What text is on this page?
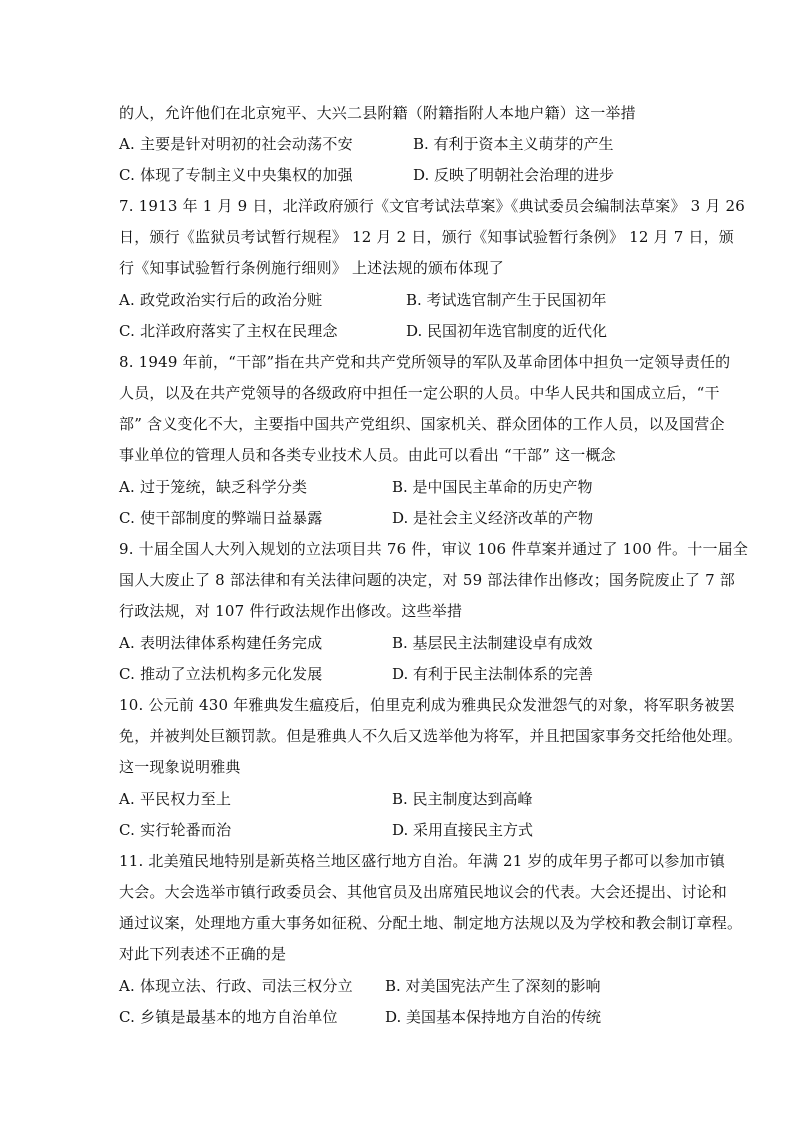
的人，允许他们在北京宛平、大兴二县附籍（附籍指附人本地户籍）这一举措
A. 主要是针对明初的社会动荡不安	B. 有利于资本主义萌芽的产生
C. 体现了专制主义中央集权的加强	D. 反映了明朝社会治理的进步
7. 1913 年 1 月 9 日，北洋政府颁行《文官考试法草案》《典试委员会编制法草案》 3 月 26
日，颁行《监狱员考试暂行规程》 12 月 2 日，颁行《知事试验暂行条例》 12 月 7 日，颁
行《知事试验暂行条例施行细则》 上述法规的颁布体现了
A. 政党政治实行后的政治分赃	B. 考试选官制产生于民国初年
C. 北洋政府落实了主权在民理念	D. 民国初年选官制度的近代化
8. 1949 年前，“干部”指在共产党和共产党所领导的军队及革命团体中担负一定领导责任的
人员，以及在共产党领导的各级政府中担任一定公职的人员。中华人民共和国成立后，“干
部” 含义变化不大，主要指中国共产党组织、国家机关、群众团体的工作人员，以及国营企
事业单位的管理人员和各类专业技术人员。由此可以看出 “干部” 这一概念
A. 过于笼统，缺乏科学分类	B. 是中国民主革命的历史产物
C. 使干部制度的弊端日益暴露	D. 是社会主义经济改革的产物
9. 十届全国人大列入规划的立法项目共 76 件，审议 106 件草案并通过了 100 件。十一届全
国人大废止了 8 部法律和有关法律问题的决定，对 59 部法律作出修改；国务院废止了 7 部
行政法规，对 107 件行政法规作出修改。这些举措
A. 表明法律体系构建任务完成	B. 基层民主法制建设卓有成效
C. 推动了立法机构多元化发展	D. 有利于民主法制体系的完善
10. 公元前 430 年雅典发生瘟疫后，伯里克利成为雅典民众发泄怨气的对象，将军职务被罢
免，并被判处巨额罚款。但是雅典人不久后又选举他为将军，并且把国家事务交托给他处理。
这一现象说明雅典
A. 平民权力至上	B. 民主制度达到高峰
C. 实行轮番而治	D. 采用直接民主方式
11. 北美殖民地特别是新英格兰地区盛行地方自治。年满 21 岁的成年男子都可以参加市镇
大会。大会选举市镇行政委员会、其他官员及出席殖民地议会的代表。大会还提出、讨论和
通过议案，处理地方重大事务如征税、分配土地、制定地方法规以及为学校和教会制订章程。
对此下列表述不正确的是
A. 体现立法、行政、司法三权分立 B. 对美国宪法产生了深刻的影响
C. 乡镇是最基本的地方自治单位	D. 美国基本保持地方自治的传统
